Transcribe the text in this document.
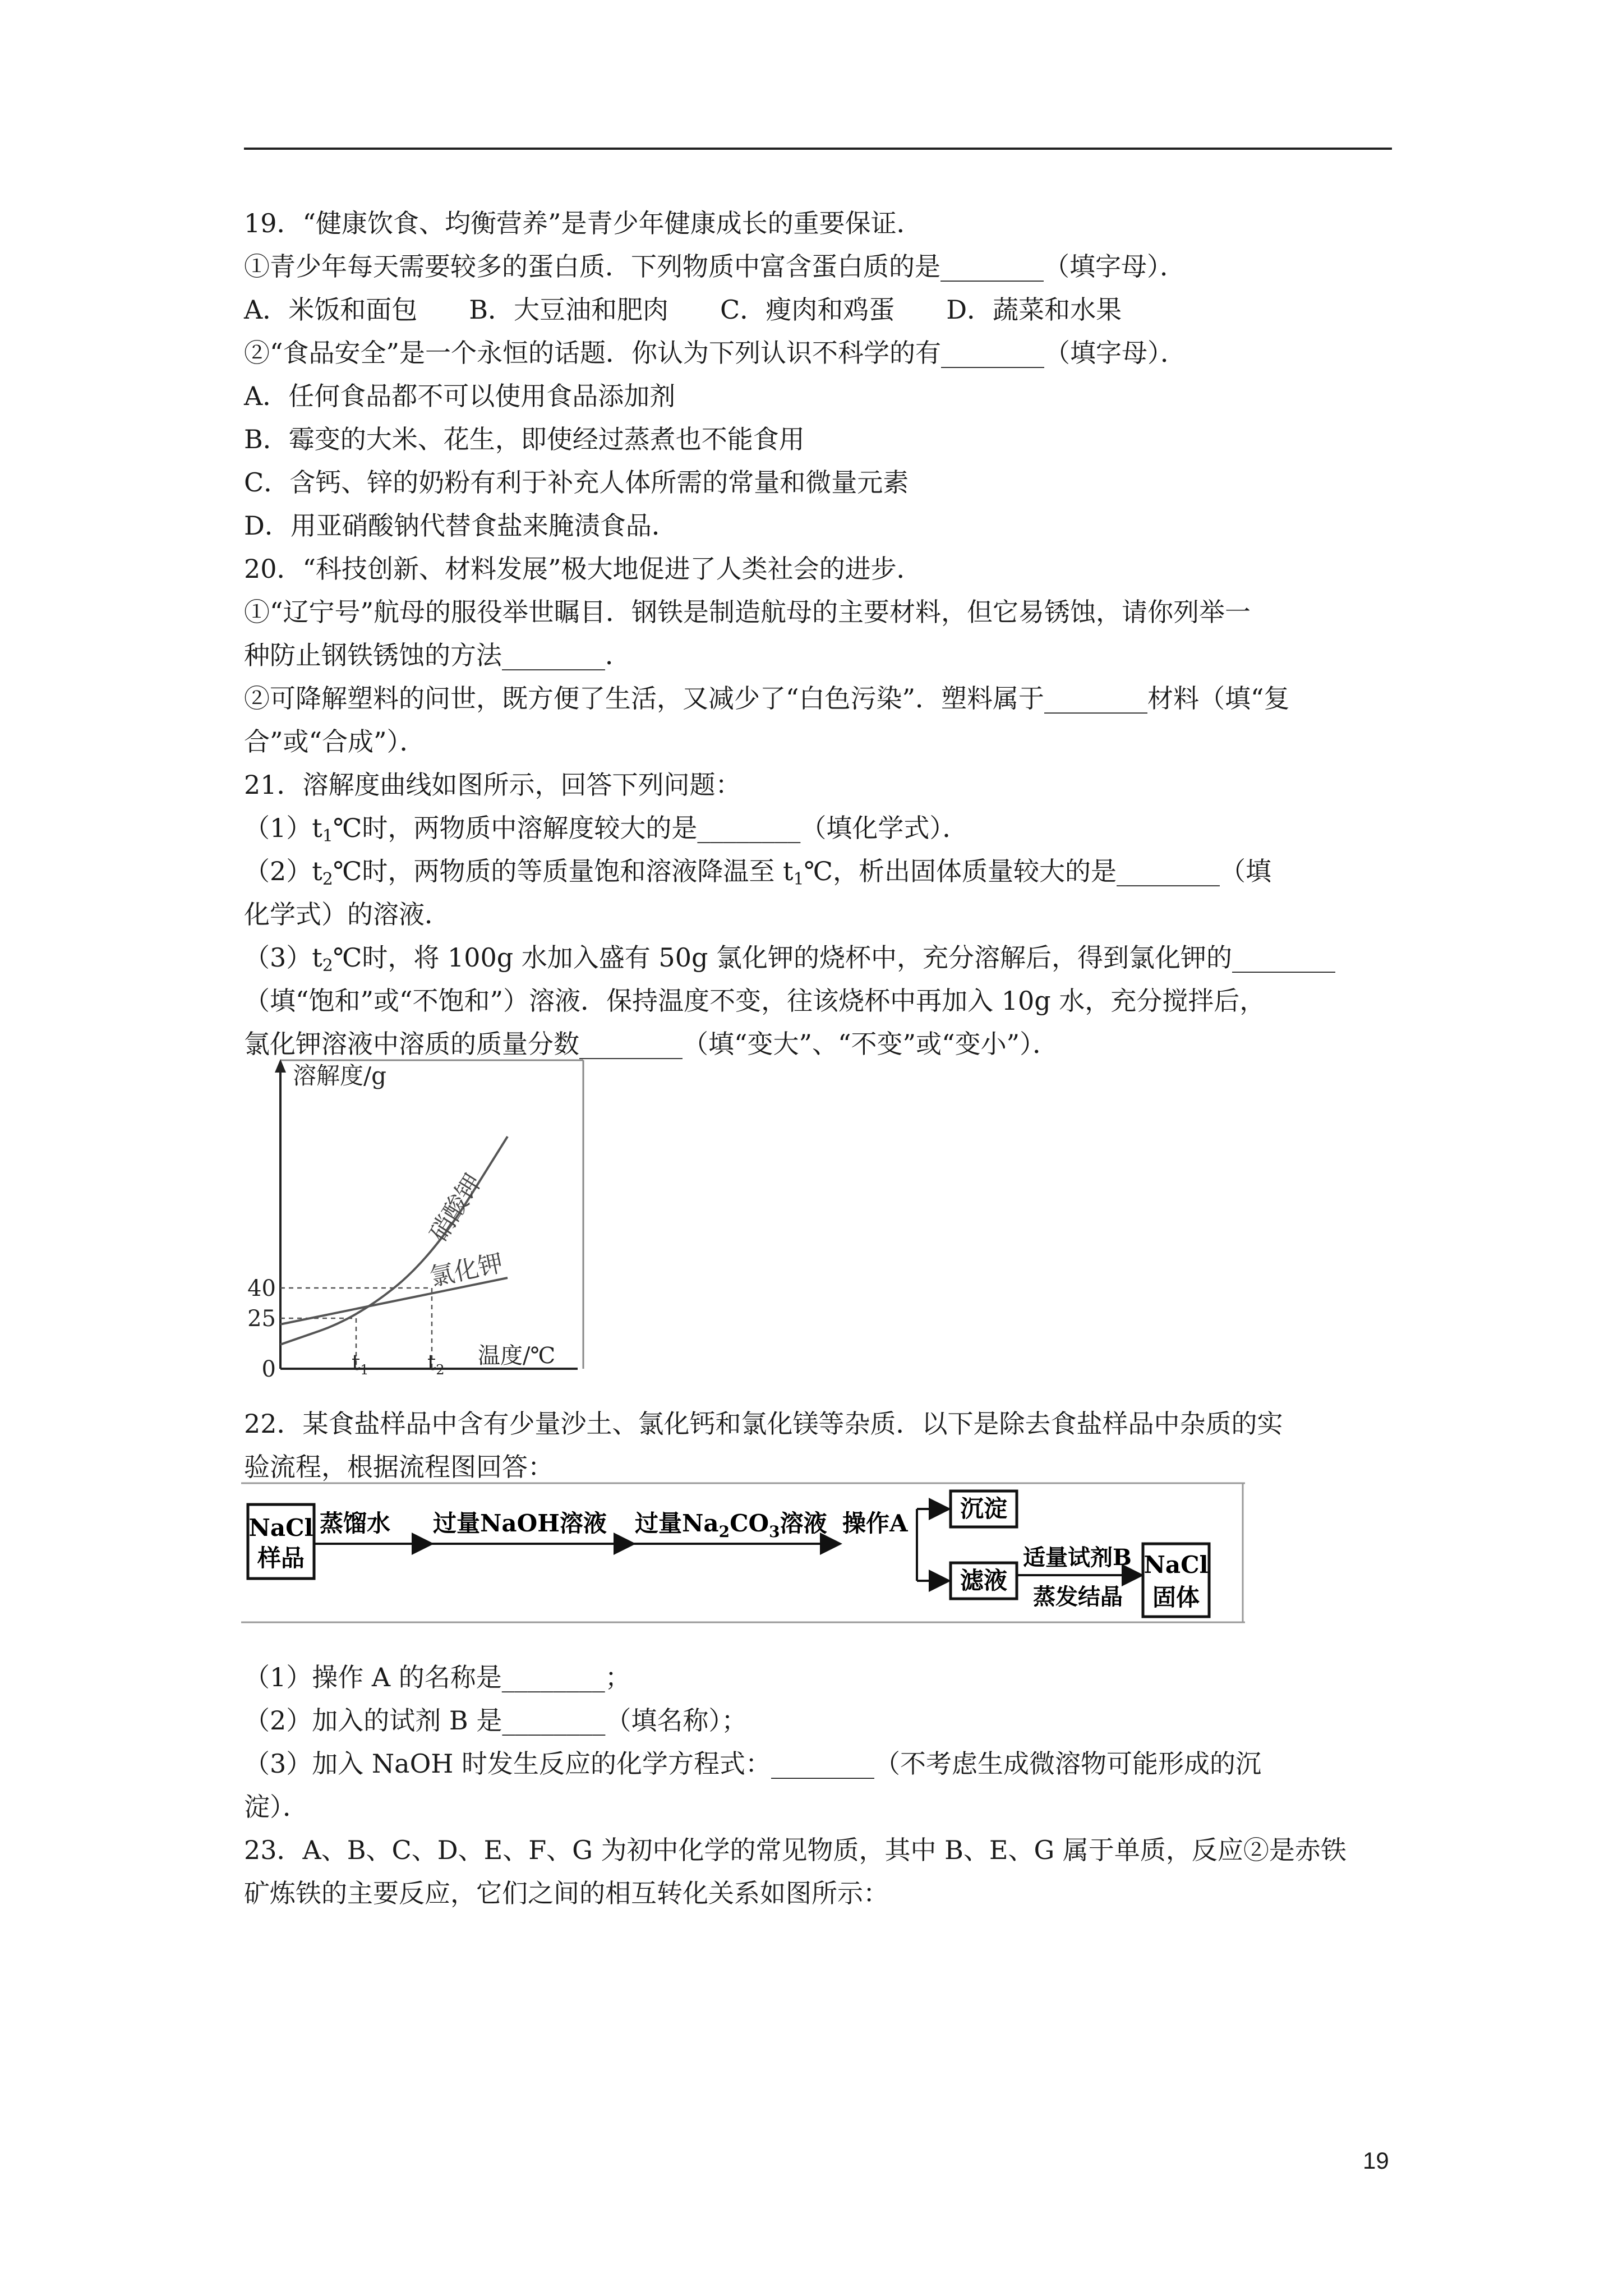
19．“健康饮食、均衡营养”是青少年健康成长的重要保证．
①青少年每天需要较多的蛋白质．下列物质中富含蛋白质的是________（填字母）．
A．米饭和面包　　B．大豆油和肥肉　　C．瘦肉和鸡蛋　　D．蔬菜和水果
②“食品安全”是一个永恒的话题．你认为下列认识不科学的有________（填字母）．
A．任何食品都不可以使用食品添加剂
B．霉变的大米、花生，即使经过蒸煮也不能食用
C．含钙、锌的奶粉有利于补充人体所需的常量和微量元素
D．用亚硝酸钠代替食盐来腌渍食品．
20．“科技创新、材料发展”极大地促进了人类社会的进步．
①“辽宁号”航母的服役举世瞩目．钢铁是制造航母的主要材料，但它易锈蚀，请你列举一
种防止钢铁锈蚀的方法________．
②可降解塑料的问世，既方便了生活，又减少了“白色污染”．塑料属于________材料（填“复
合”或“合成”）．
21．溶解度曲线如图所示，回答下列问题：
$(1)t_1℃$时，两物质中溶解度较大的是________（填化学式）．
$(2)t_2℃$时，两物质的等质量饱和溶液降温至 $t_1℃$，析出固体质量较大的是________（填
化学式）的溶液．
$(3)t_2℃$时，将 100g 水加入盛有 50g 氯化钾的烧杯中，充分溶解后，得到氯化钾的________
（填“饱和”或“不饱和”）溶液．保持温度不变，往该烧杯中再加入 10g 水，充分搅拌后，
氯化钾溶液中溶质的质量分数________（填“变大”、“不变”或“变小”）．
溶解度/g
温度/℃
硝酸钾
氯化钾
0
25
40
$t_1$	$t_2$
22．某食盐样品中含有少量沙土、氯化钙和氯化镁等杂质．以下是除去食盐样品中杂质的实
验流程，根据流程图回答：
NaCl
样品
蒸馏水 过量NaOH溶液 过量$Na_2CO_3$溶液 操作A
沉淀
滤液
适量试剂B
蒸发结晶
NaCl
固体
（1）操作 A 的名称是________；
（2）加入的试剂 B 是________（填名称）；
（3）加入 NaOH 时发生反应的化学方程式：________（不考虑生成微溶物可能形成的沉
淀）．
23．A、B、C、D、E、F、G 为初中化学的常见物质，其中 B、E、G 属于单质，反应②是赤铁
矿炼铁的主要反应，它们之间的相互转化关系如图所示：
19
